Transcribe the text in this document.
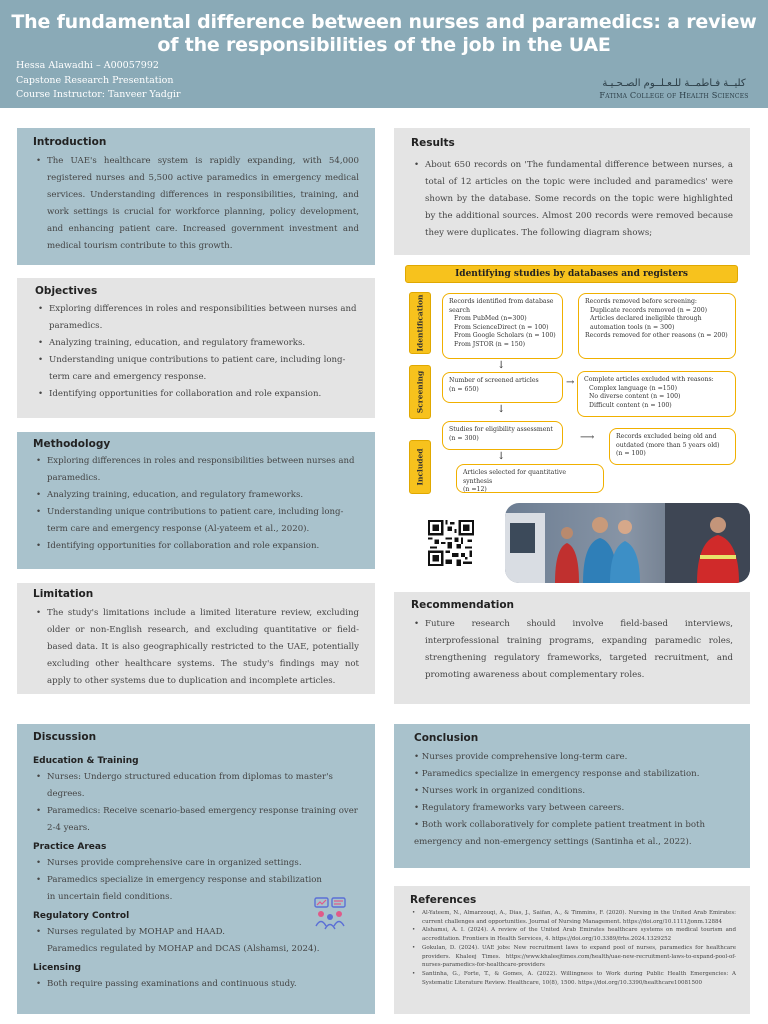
The fundamental difference between nurses and paramedics: a review of the responsibilities of the job in the UAE
Hessa Alawadhi – A00057992
Capstone Research Presentation
Course Instructor: Tanveer Yadgir
كليــة فـاطمــة للـعـلــوم الصـحـيـة
Fatima College of Health Sciences
Introduction
• The UAE's healthcare system is rapidly expanding, with 54,000 registered nurses and 5,500 active paramedics in emergency medical services. Understanding differences in responsibilities, training, and work settings is crucial for workforce planning, policy development, and enhancing patient care. Increased government investment and medical tourism contribute to this growth.
Objectives
• Exploring differences in roles and responsibilities between nurses and paramedics.
• Analyzing training, education, and regulatory frameworks.
• Understanding unique contributions to patient care, including long-term care and emergency response.
• Identifying opportunities for collaboration and role expansion.
Methodology
• Exploring differences in roles and responsibilities between nurses and paramedics.
• Analyzing training, education, and regulatory frameworks.
• Understanding unique contributions to patient care, including long-term care and emergency response (Al-yateem et al., 2020).
• Identifying opportunities for collaboration and role expansion.
Limitation
• The study's limitations include a limited literature review, excluding older or non-English research, and excluding quantitative or field-based data. It is also geographically restricted to the UAE, potentially excluding other healthcare systems. The study's findings may not apply to other systems due to duplication and incomplete articles.
Discussion
Education & Training
• Nurses: Undergo structured education from diplomas to master's degrees.
• Paramedics: Receive scenario-based emergency response training over 2-4 years.
Practice Areas
• Nurses provide comprehensive care in organized settings.
• Paramedics specialize in emergency response and stabilization in uncertain field conditions.
Regulatory Control
• Nurses regulated by MOHAP and HAAD.
Paramedics regulated by MOHAP and DCAS (Alshamsi, 2024).
Licensing
• Both require passing examinations and continuous study.
Results
• About 650 records on 'The fundamental difference between nurses, a total of 12 articles on the topic were included and paramedics' were shown by the database. Some records on the topic were highlighted by the additional sources. Almost 200 records were removed because they were duplicates. The following diagram shows;
Identifying studies by databases and registers
Identification
Screening
Included
Records identified from database search
From PubMed (n=300)
From ScienceDirect (n = 100)
From Google Scholars (n = 100)
From JSTOR (n = 150)
Records removed before screening:
Duplicate records removed (n = 200)
Articles declared ineligible through automation tools (n = 300)
Records removed for other reasons (n = 200)
↓
Number of screened articles
(n = 650)
→ Complete articles excluded with reasons:
Complex language (n =150)
No diverse content (n = 100)
Difficult content (n = 100)
↓
Studies for eligibility assessment
(n = 300)	⟶	Records excluded being old and outdated (more than 5 years old)
(n = 100)
↓
Articles selected for quantitative synthesis
(n =12)
Recommendation
• Future research should involve field-based interviews, interprofessional training programs, expanding paramedic roles, strengthening regulatory frameworks, targeted recruitment, and promoting awareness about complementary roles.
Conclusion

• Nurses provide comprehensive long-term care.

• Paramedics specialize in emergency response and stabilization.

• Nurses work in organized conditions.

• Regulatory frameworks vary between careers.

• Both work collaboratively for complete patient treatment in both emergency and non-emergency settings (Santinha et al., 2022).

References
• Al-Yateem, N., Almarzouqi, A., Dias, J., Saifan, A., & Timmins, F. (2020). Nursing in the United Arab Emirates: current challenges and opportunities. Journal of Nursing Management. https://doi.org/10.1111/jonm.12884
• Alshamsi, A. I. (2024). A review of the United Arab Emirates healthcare systems on medical tourism and accreditation. Frontiers in Health Services, 4. https://doi.org/10.3389/frhs.2024.1329252
• Gokulan, D. (2024). UAE jobs: New recruitment laws to expand pool of nurses, paramedics for healthcare providers. Khaleej Times. https://www.khaleejtimes.com/health/uae-new-recruitment-laws-to-expand-pool-of-nurses-paramedics-for-healthcare-providers
• Santinha, G., Forte, T., & Gomes, A. (2022). Willingness to Work during Public Health Emergencies: A Systematic Literature Review. Healthcare, 10(8), 1500. https://doi.org/10.3390/healthcare10081500
